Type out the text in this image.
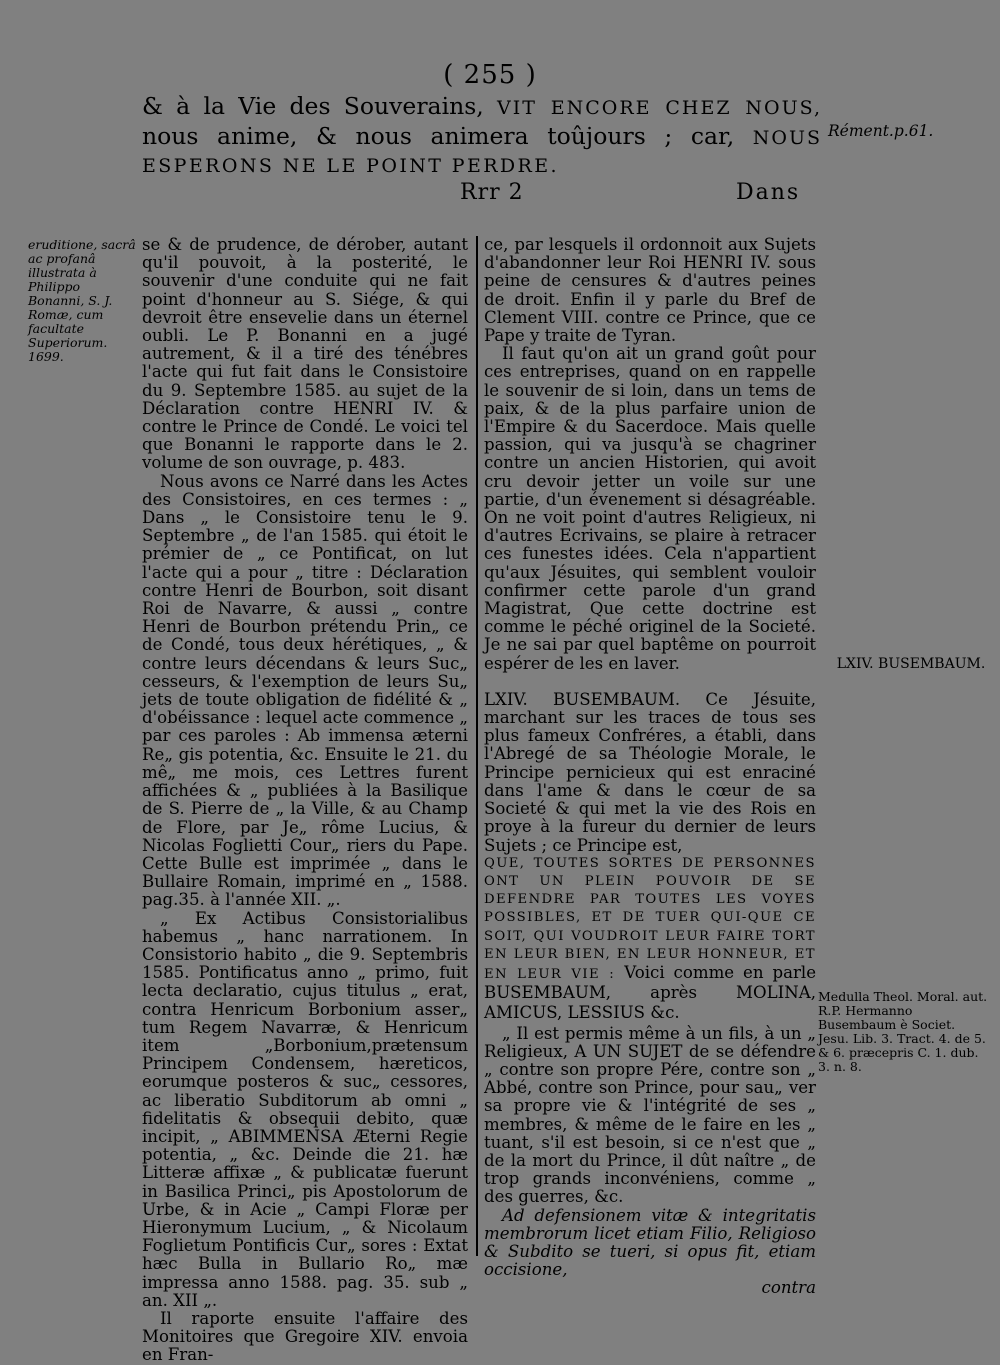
( 255 )
& à la Vie des Souverains, VIT ENCORE CHEZ NOUS,
nous anime, & nous animera toûjours ; car, NOUS
ESPERONS NE LE POINT PERDRE.
Rément.p.61.
Rrr 2	Dans
eruditione, sacrâ ac profanâ illustrata à Philippo Bonanni, S. J. Romæ, cum facultate Superiorum. 1699.

se & de prudence, de dérober, autant qu'il pouvoit, à la posterité, le souvenir d'une conduite qui ne fait point d'honneur au S. Siége, & qui devroit être ensevelie dans un éternel oubli. Le P. Bonanni en a jugé autrement, & il a tiré des ténébres l'acte qui fut fait dans le Consistoire du 9. Septembre 1585. au sujet de la Déclaration contre HENRI IV. & contre le Prince de Condé. Le voici tel que Bonanni le rapporte dans le 2. volume de son ouvrage, p. 483.

Nous avons ce Narré dans les Actes des Consistoires, en ces termes : „ Dans „ le Consistoire tenu le 9. Septembre „ de l'an 1585. qui étoit le prémier de „ ce Pontificat, on lut l'acte qui a pour „ titre : Déclaration contre Henri de Bourbon, soit disant Roi de Navarre, & aussi „ contre Henri de Bourbon prétendu Prin„ ce de Condé, tous deux hérétiques, „ & contre leurs décendans & leurs Suc„ cesseurs, & l'exemption de leurs Su„ jets de toute obligation de fidélité & „ d'obéissance : lequel acte commence „ par ces paroles : Ab immensa æterni Re„ gis potentia, &c. Ensuite le 21. du mê„ me mois, ces Lettres furent affichées & „ publiées à la Basilique de S. Pierre de „ la Ville, & au Champ de Flore, par Je„ rôme Lucius, & Nicolas Foglietti Cour„ riers du Pape. Cette Bulle est imprimée „ dans le Bullaire Romain, imprimé en „ 1588. pag.35. à l'année XII. „.

„ Ex Actibus Consistorialibus habemus „ hanc narrationem. In Consistorio habito „ die 9. Septembris 1585. Pontificatus anno „ primo, fuit lecta declaratio, cujus titulus „ erat, contra Henricum Borbonium asser„ tum Regem Navarræ, & Henricum item „Borbonium,prætensum Principem Condensem, hæreticos, eorumque posteros & suc„ cessores, ac liberatio Subditorum ab omni „ fidelitatis & obsequii debito, quæ incipit, „ ABIMMENSA Æterni Regie potentia, „ &c. Deinde die 21. hæ Litteræ affixæ „ & publicatæ fuerunt in Basilica Princi„ pis Apostolorum de Urbe, & in Acie „ Campi Floræ per Hieronymum Lucium, „ & Nicolaum Foglietum Pontificis Cur„ sores : Extat hæc Bulla in Bullario Ro„ mæ impressa anno 1588. pag. 35. sub „ an. XII „.

Il raporte ensuite l'affaire des Monitoires que Gregoire XIV. envoia en Fran-

ce, par lesquels il ordonnoit aux Sujets d'abandonner leur Roi HENRI IV. sous peine de censures & d'autres peines de droit. Enfin il y parle du Bref de Clement VIII. contre ce Prince, que ce Pape y traite de Tyran.

Il faut qu'on ait un grand goût pour ces entreprises, quand on en rappelle le souvenir de si loin, dans un tems de paix, & de la plus parfaire union de l'Empire & du Sacerdoce. Mais quelle passion, qui va jusqu'à se chagriner contre un ancien Historien, qui avoit cru devoir jetter un voile sur une partie, d'un évenement si désagréable. On ne voit point d'autres Religieux, ni d'autres Ecrivains, se plaire à retracer ces funestes idées. Cela n'appartient qu'aux Jésuites, qui semblent vouloir confirmer cette parole d'un grand Magistrat, Que cette doctrine est comme le péché originel de la Societé. Je ne sai par quel baptême on pourroit espérer de les en laver.

LXIV. BUSEMBAUM. Ce Jésuite, marchant sur les traces de tous ses plus fameux Confréres, a établi, dans l'Abregé de sa Théologie Morale, le Principe pernicieux qui est enraciné dans l'ame & dans le cœur de sa Societé & qui met la vie des Rois en proye à la fureur du dernier de leurs Sujets ; ce Principe est,

QUE, TOUTES SORTES DE PERSONNES ONT UN PLEIN POUVOIR DE SE DEFENDRE PAR TOUTES LES VOYES POSSIBLES, ET DE TUER QUI-QUE CE SOIT, QUI VOUDROIT LEUR FAIRE TORT EN LEUR BIEN, EN LEUR HONNEUR, ET EN LEUR VIE : Voici comme en parle BUSEMBAUM, après MOLINA, AMICUS, LESSIUS &c.

„ Il est permis même à un fils, à un „ Religieux, A UN SUJET de se défendre „ contre son propre Pére, contre son „ Abbé, contre son Prince, pour sau„ ver sa propre vie & l'intégrité de ses „ membres, & même de le faire en les „ tuant, s'il est besoin, si ce n'est que „ de la mort du Prince, il dût naître „ de trop grands inconvéniens, comme „ des guerres, &c.

Ad defensionem vitæ & integritatis membrorum licet etiam Filio, Religioso & Subdito se tueri, si opus fit, etiam occisione,

contra

LXIV. BUSEMBAUM.
Medulla Theol. Moral. aut. R.P. Hermanno Busembaum è Societ. Jesu. Lib. 3. Tract. 4. de 5. & 6. præcepris C. 1. dub. 3. n. 8.
